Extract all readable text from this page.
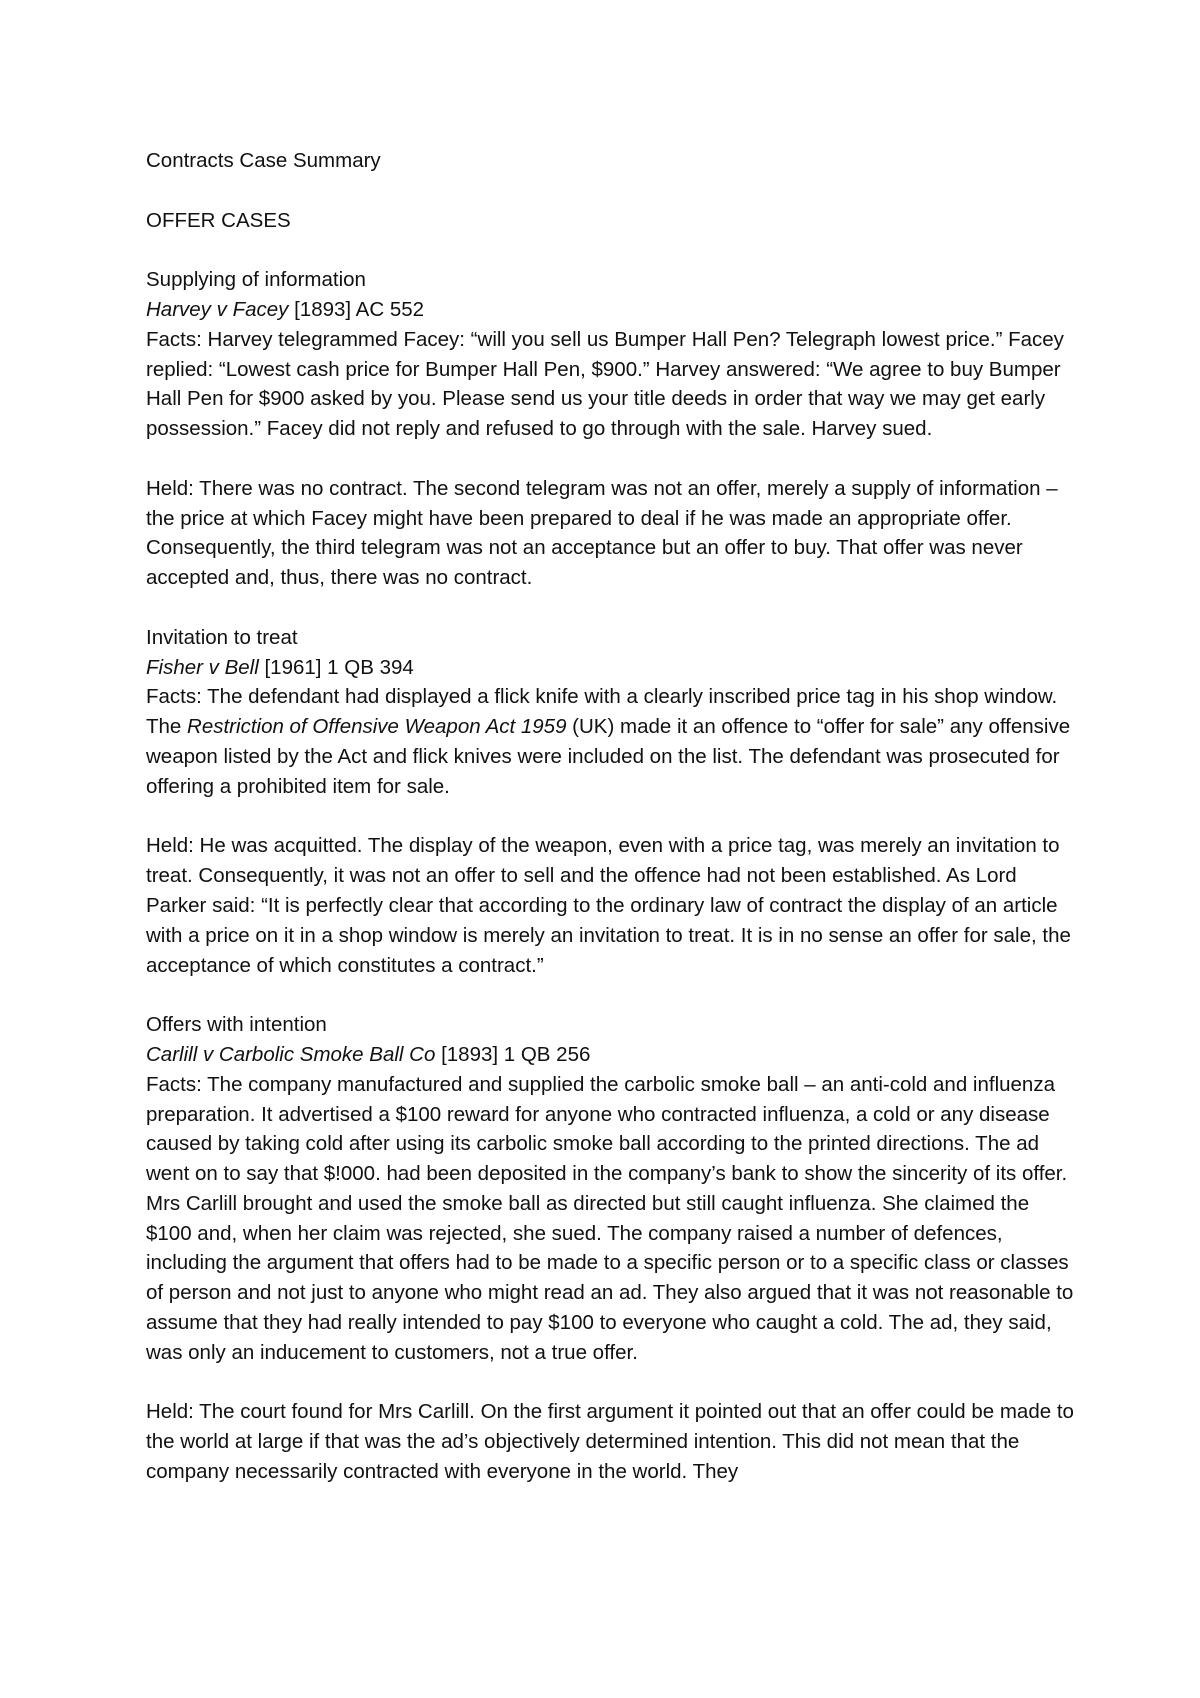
Contracts Case Summary

OFFER CASES

Supplying of information

Harvey v Facey [1893] AC 552

Facts: Harvey telegrammed Facey: “will you sell us Bumper Hall Pen? Telegraph lowest price.” Facey replied: “Lowest cash price for Bumper Hall Pen, $900.” Harvey answered: “We agree to buy Bumper Hall Pen for $900 asked by you. Please send us your title deeds in order that way we may get early possession.” Facey did not reply and refused to go through with the sale. Harvey sued.

Held: There was no contract. The second telegram was not an offer, merely a supply of information – the price at which Facey might have been prepared to deal if he was made an appropriate offer. Consequently, the third telegram was not an acceptance but an offer to buy. That offer was never accepted and, thus, there was no contract.

Invitation to treat

Fisher v Bell [1961] 1 QB 394

Facts: The defendant had displayed a flick knife with a clearly inscribed price tag in his shop window. The Restriction of Offensive Weapon Act 1959 (UK) made it an offence to “offer for sale” any offensive weapon listed by the Act and flick knives were included on the list. The defendant was prosecuted for offering a prohibited item for sale.

Held: He was acquitted. The display of the weapon, even with a price tag, was merely an invitation to treat. Consequently, it was not an offer to sell and the offence had not been established. As Lord Parker said: “It is perfectly clear that according to the ordinary law of contract the display of an article with a price on it in a shop window is merely an invitation to treat. It is in no sense an offer for sale, the acceptance of which constitutes a contract.”

Offers with intention

Carlill v Carbolic Smoke Ball Co [1893] 1 QB 256

Facts: The company manufactured and supplied the carbolic smoke ball – an anti-cold and influenza preparation. It advertised a $100 reward for anyone who contracted influenza, a cold or any disease caused by taking cold after using its carbolic smoke ball according to the printed directions. The ad went on to say that $!000. had been deposited in the company’s bank to show the sincerity of its offer. Mrs Carlill brought and used the smoke ball as directed but still caught influenza. She claimed the $100 and, when her claim was rejected, she sued. The company raised a number of defences, including the argument that offers had to be made to a specific person or to a specific class or classes of person and not just to anyone who might read an ad. They also argued that it was not reasonable to assume that they had really intended to pay $100 to everyone who caught a cold. The ad, they said, was only an inducement to customers, not a true offer.

Held: The court found for Mrs Carlill. On the first argument it pointed out that an offer could be made to the world at large if that was the ad’s objectively determined intention. This did not mean that the company necessarily contracted with everyone in the world. They
